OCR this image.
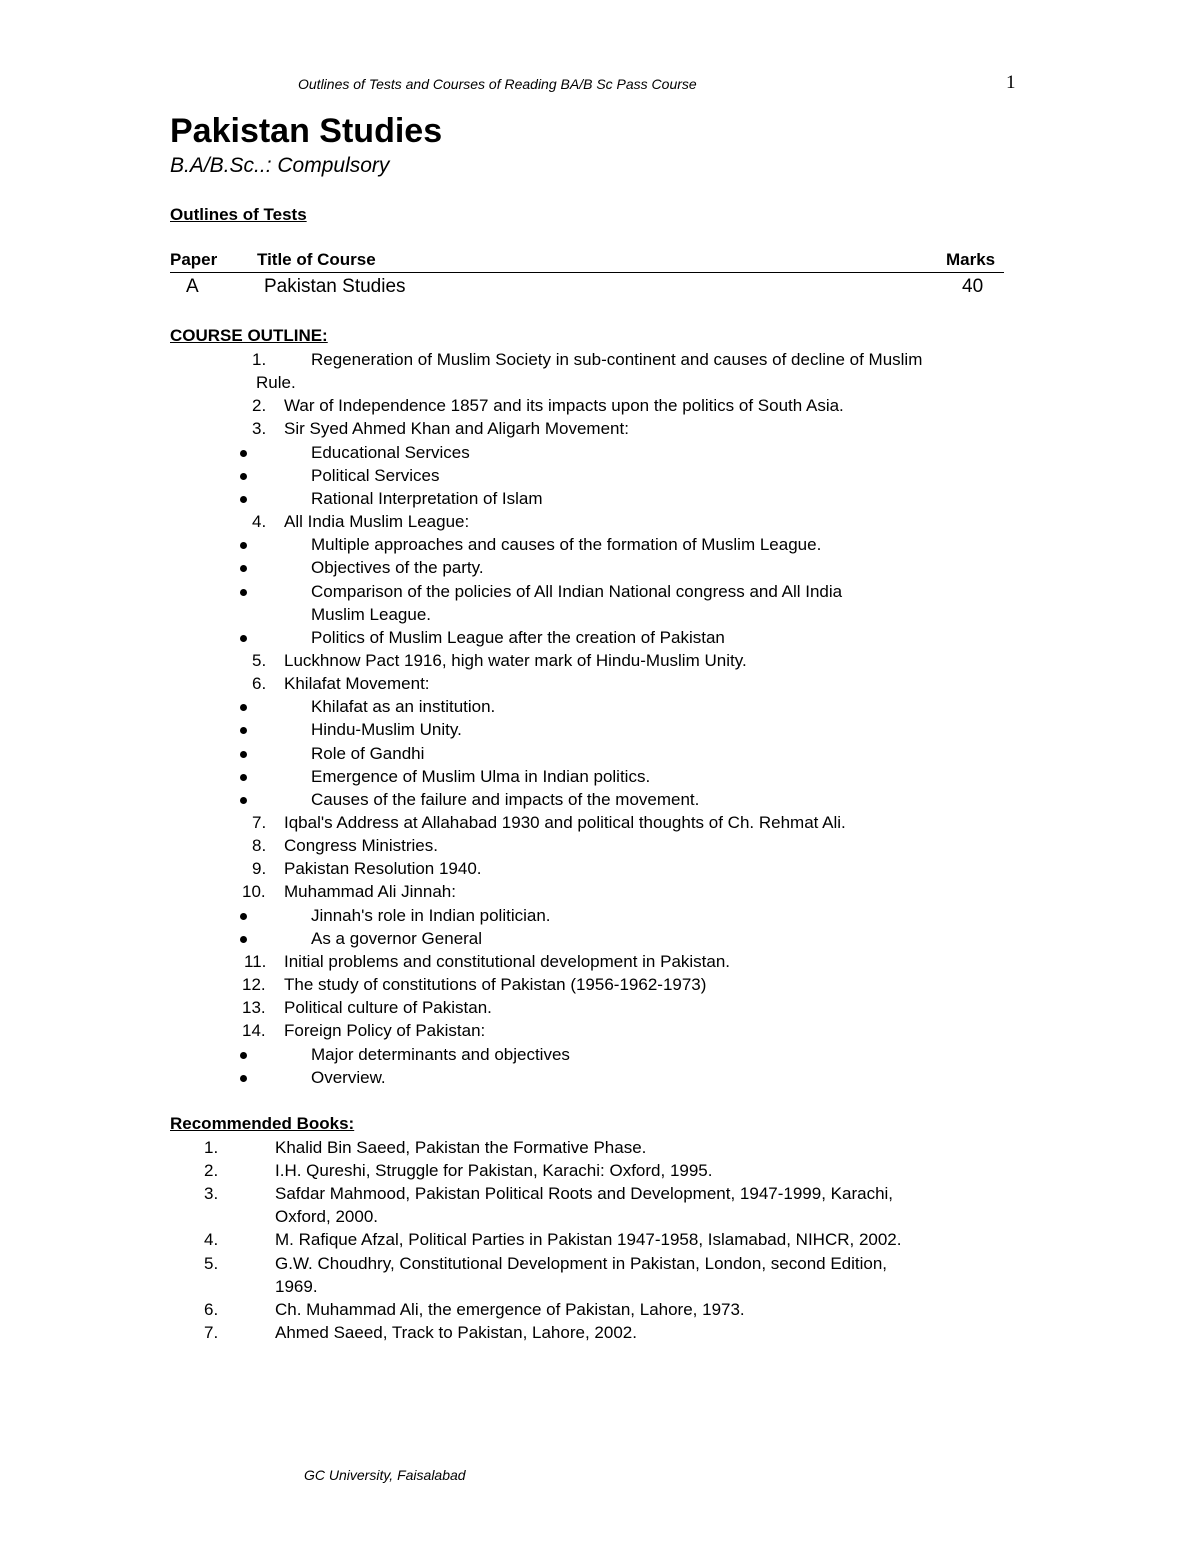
Outlines of Tests and Courses of Reading BA/B Sc Pass Course	1
Pakistan Studies
B.A/B.Sc..: Compulsory
Outlines of Tests
Paper Title of Course	Marks
A	Pakistan Studies	40
COURSE OUTLINE:
1.	Regeneration of Muslim Society in sub-continent and causes of decline of Muslim
Rule.
2. War of Independence 1857 and its impacts upon the politics of South Asia.
3. Sir Syed Ahmed Khan and Aligarh Movement:
Educational Services
Political Services
Rational Interpretation of Islam
4. All India Muslim League:
Multiple approaches and causes of the formation of Muslim League.
Objectives of the party.
Comparison of the policies of All Indian National congress and All India
Muslim League.
Politics of Muslim League after the creation of Pakistan
5. Luckhnow Pact 1916, high water mark of Hindu-Muslim Unity.
6. Khilafat Movement:
Khilafat as an institution.
Hindu-Muslim Unity.
Role of Gandhi
Emergence of Muslim Ulma in Indian politics.
Causes of the failure and impacts of the movement.
7. Iqbal's Address at Allahabad 1930 and political thoughts of Ch. Rehmat Ali.
8. Congress Ministries.
9. Pakistan Resolution 1940.
10. Muhammad Ali Jinnah:
Jinnah's role in Indian politician.
As a governor General
11. Initial problems and constitutional development in Pakistan.
12. The study of constitutions of Pakistan (1956-1962-1973)
13. Political culture of Pakistan.
14. Foreign Policy of Pakistan:
Major determinants and objectives
Overview.
Recommended Books:
1.	Khalid Bin Saeed, Pakistan the Formative Phase.
2.	I.H. Qureshi, Struggle for Pakistan, Karachi: Oxford, 1995.
3.	Safdar Mahmood, Pakistan Political Roots and Development, 1947-1999, Karachi,
Oxford, 2000.
4.	M. Rafique Afzal, Political Parties in Pakistan 1947-1958, Islamabad, NIHCR, 2002.
5.	G.W. Choudhry, Constitutional Development in Pakistan, London, second Edition,
1969.
6.	Ch. Muhammad Ali, the emergence of Pakistan, Lahore, 1973.
7.	Ahmed Saeed, Track to Pakistan, Lahore, 2002.
GC University, Faisalabad
